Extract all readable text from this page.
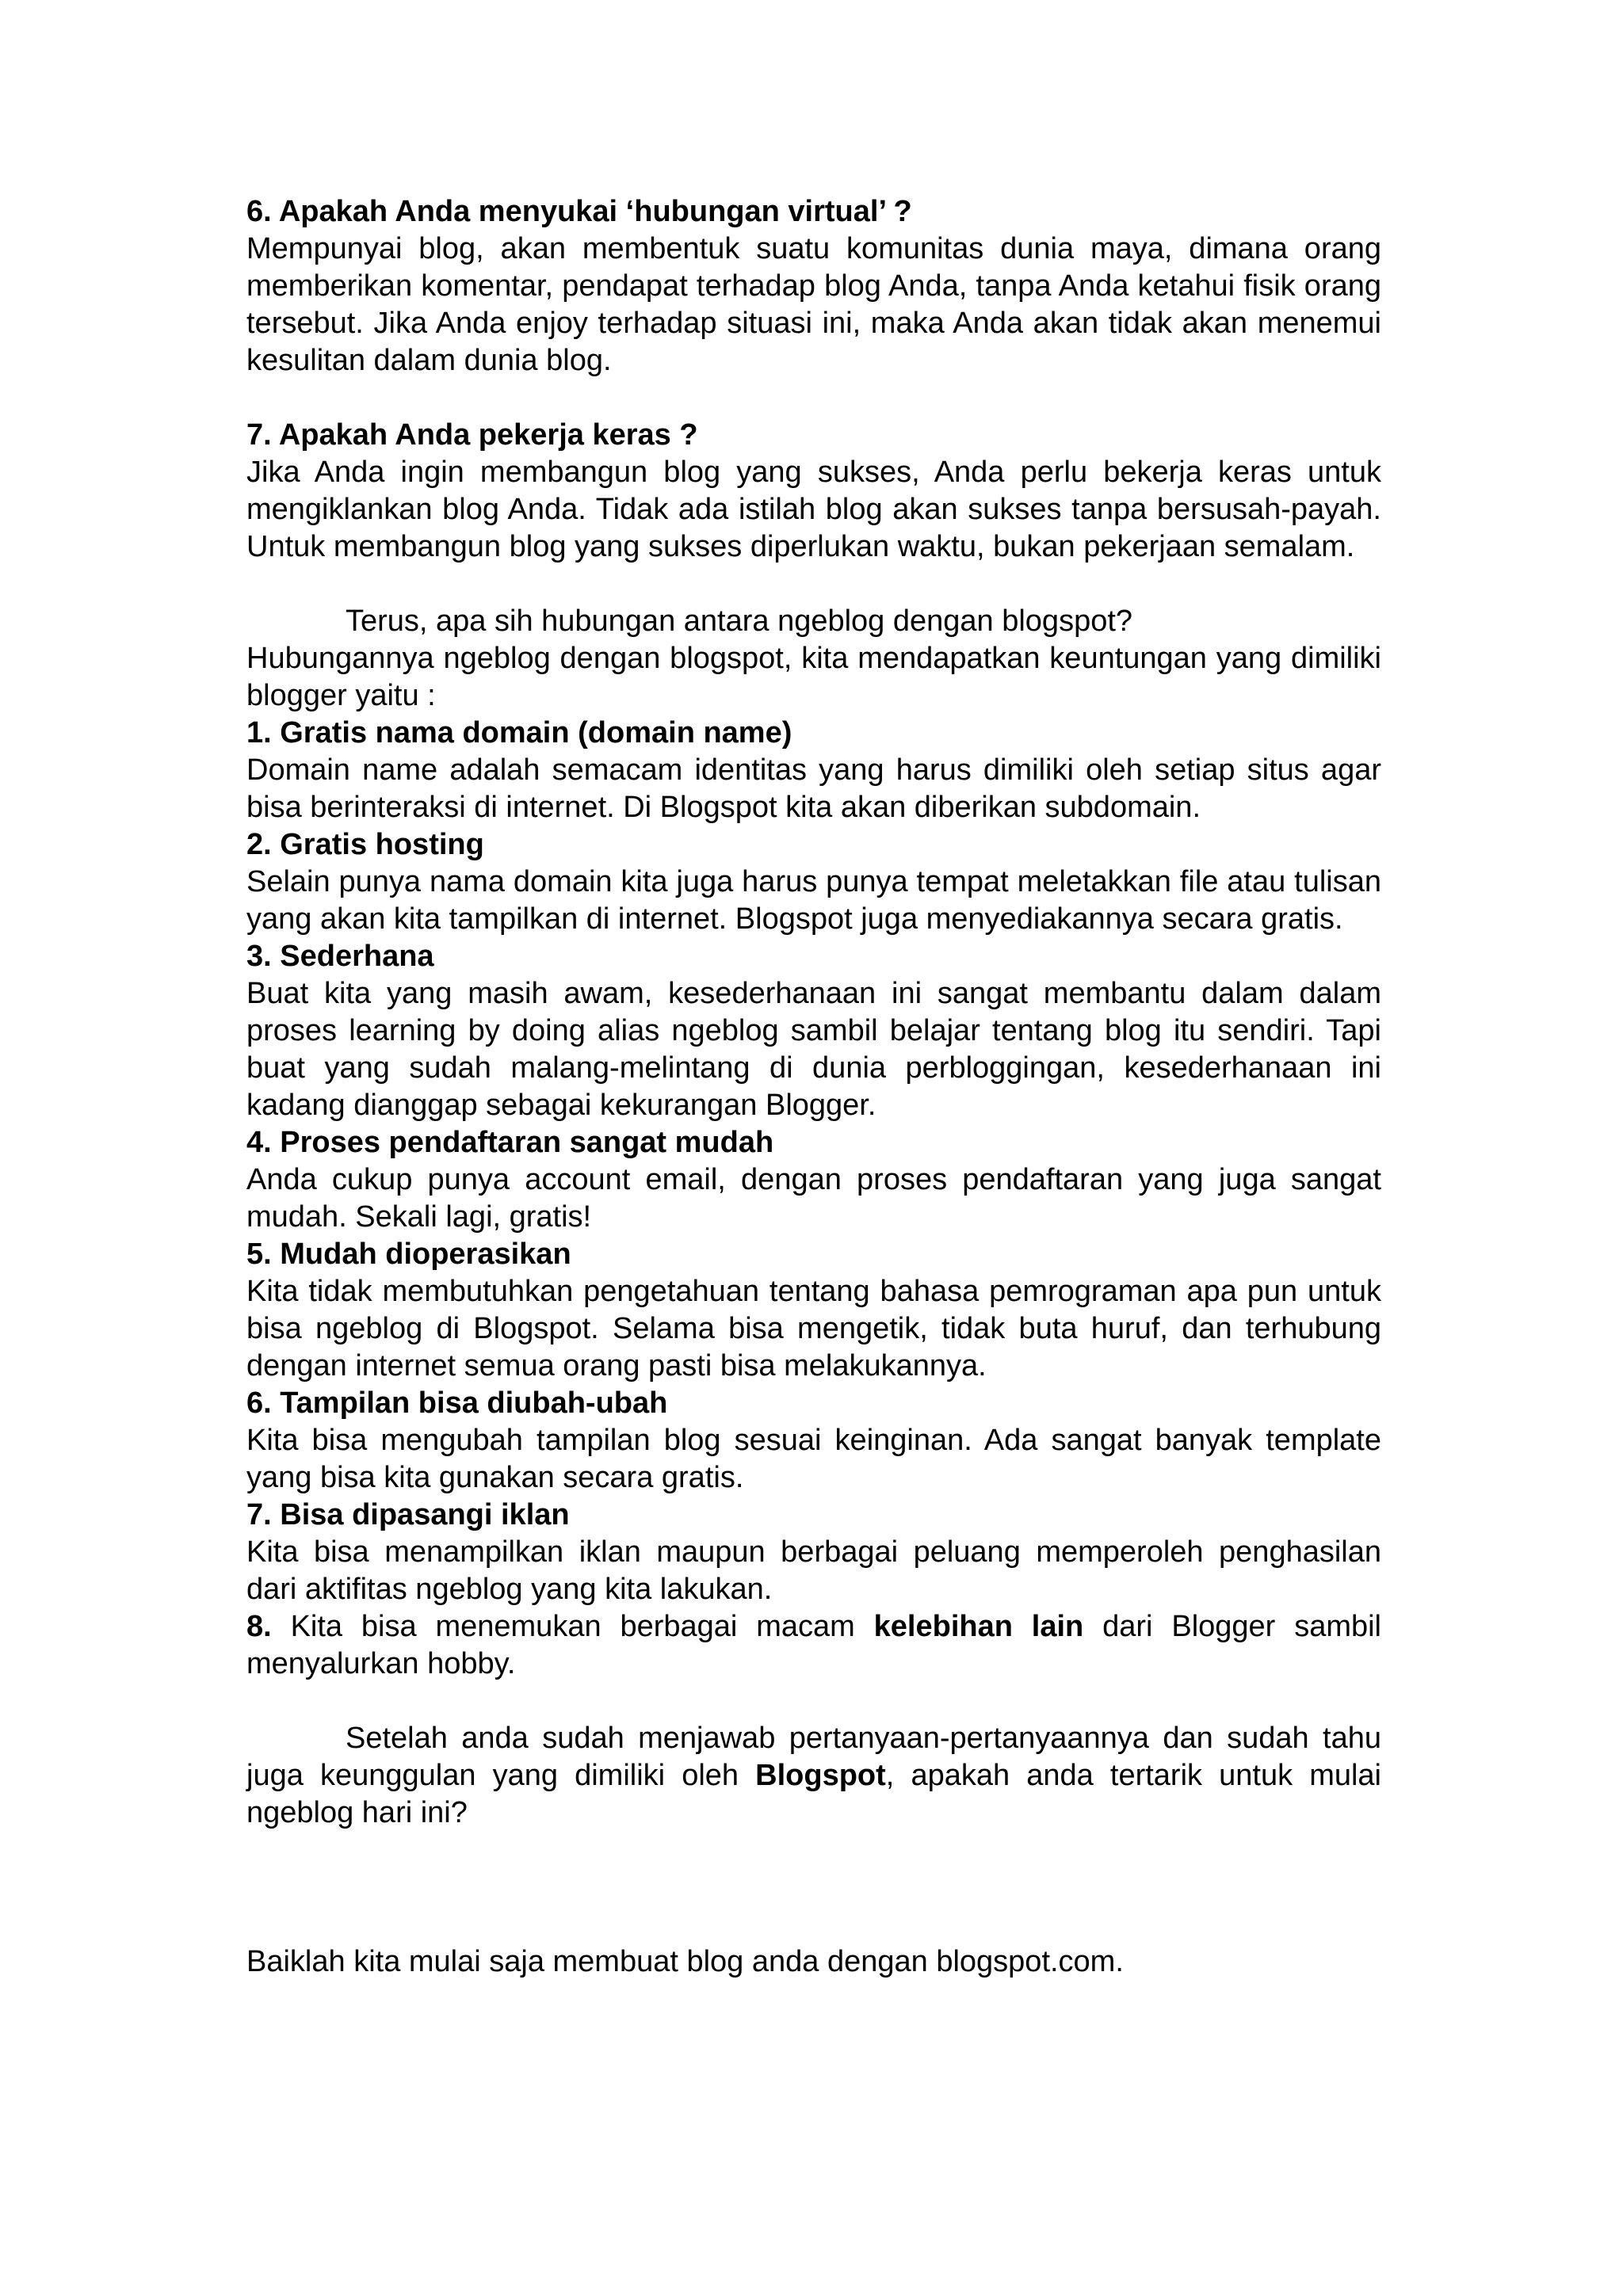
6. Apakah Anda menyukai ‘hubungan virtual’ ?

Mempunyai blog, akan membentuk suatu komunitas dunia maya, dimana orang memberikan komentar, pendapat terhadap blog Anda, tanpa Anda ketahui fisik orang tersebut. Jika Anda enjoy terhadap situasi ini, maka Anda akan tidak akan menemui kesulitan dalam dunia blog.

7. Apakah Anda pekerja keras ?

Jika Anda ingin membangun blog yang sukses, Anda perlu bekerja keras untuk mengiklankan blog Anda. Tidak ada istilah blog akan sukses tanpa bersusah-payah. Untuk membangun blog yang sukses diperlukan waktu, bukan pekerjaan semalam.

Terus, apa sih hubungan antara ngeblog dengan blogspot?

Hubungannya ngeblog dengan blogspot, kita mendapatkan keuntungan yang dimiliki blogger yaitu :

1. Gratis nama domain (domain name)

Domain name adalah semacam identitas yang harus dimiliki oleh setiap situs agar bisa berinteraksi di internet. Di Blogspot kita akan diberikan subdomain.

2. Gratis hosting

Selain punya nama domain kita juga harus punya tempat meletakkan file atau tulisan yang akan kita tampilkan di internet. Blogspot juga menyediakannya secara gratis.

3. Sederhana

Buat kita yang masih awam, kesederhanaan ini sangat membantu dalam dalam proses learning by doing alias ngeblog sambil belajar tentang blog itu sendiri. Tapi buat yang sudah malang-melintang di dunia perbloggingan, kesederhanaan ini kadang dianggap sebagai kekurangan Blogger.

4. Proses pendaftaran sangat mudah

Anda cukup punya account email, dengan proses pendaftaran yang juga sangat mudah. Sekali lagi, gratis!

5. Mudah dioperasikan

Kita tidak membutuhkan pengetahuan tentang bahasa pemrograman apa pun untuk bisa ngeblog di Blogspot. Selama bisa mengetik, tidak buta huruf, dan terhubung dengan internet semua orang pasti bisa melakukannya.

6. Tampilan bisa diubah-ubah

Kita bisa mengubah tampilan blog sesuai keinginan. Ada sangat banyak template yang bisa kita gunakan secara gratis.

7. Bisa dipasangi iklan

Kita bisa menampilkan iklan maupun berbagai peluang memperoleh penghasilan dari aktifitas ngeblog yang kita lakukan.

8. Kita bisa menemukan berbagai macam kelebihan lain dari Blogger sambil menyalurkan hobby.

Setelah anda sudah menjawab pertanyaan-pertanyaannya dan sudah tahu juga keunggulan yang dimiliki oleh Blogspot, apakah anda tertarik untuk mulai ngeblog hari ini?

Baiklah kita mulai saja membuat blog anda dengan blogspot.com.
